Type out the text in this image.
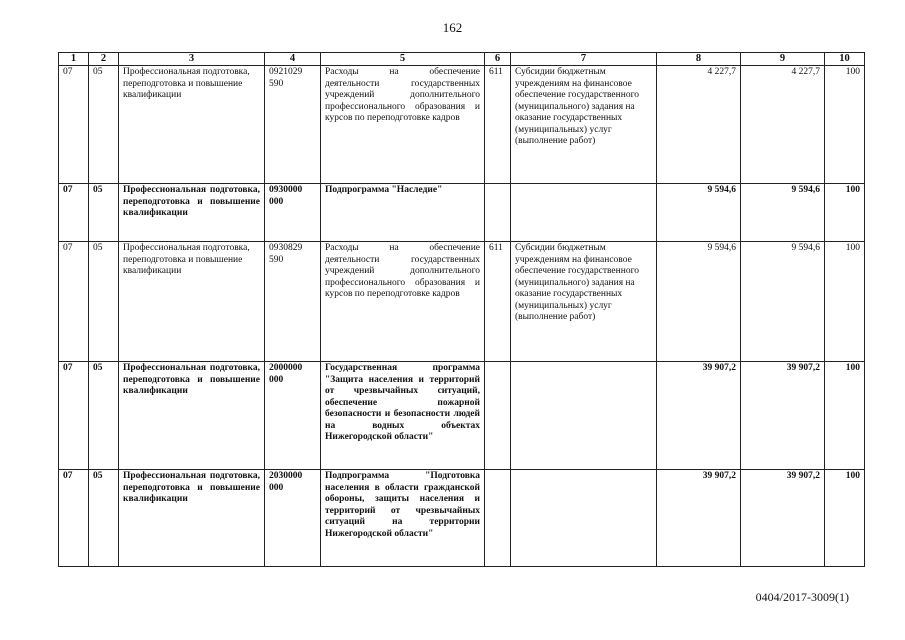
162
1	2	3	4	5	6	7	8	9	10
07	05	Профессиональная подготовка, переподготовка и повышение квалификации	0921029 590	Расходы на обеспечение деятельности государственных учреждений дополнительного профессионального образования и курсов по переподготовке кадров	611	Субсидии бюджетным учреждениям на финансовое обеспечение государственного (муниципального) задания на оказание государственных (муниципальных) услуг (выполнение работ)	4 227,7	4 227,7	100
07	05	Профессиональная подготовка, переподготовка и повышение квалификации	0930000 000	Подпрограмма "Наследие"			9 594,6	9 594,6	100
07	05	Профессиональная подготовка, переподготовка и повышение квалификации	0930829 590	Расходы на обеспечение деятельности государственных учреждений дополнительного профессионального образования и курсов по переподготовке кадров	611	Субсидии бюджетным учреждениям на финансовое обеспечение государственного (муниципального) задания на оказание государственных (муниципальных) услуг (выполнение работ)	9 594,6	9 594,6	100
07	05	Профессиональная подготовка, переподготовка и повышение квалификации	2000000 000	Государственная программа "Защита населения и территорий от чрезвычайных ситуаций, обеспечение пожарной безопасности и безопасности людей на водных объектах Нижегородской области"			39 907,2	39 907,2	100
07	05	Профессиональная подготовка, переподготовка и повышение квалификации	2030000 000	Подпрограмма "Подготовка населения в области гражданской обороны, защиты населения и территорий от чрезвычайных ситуаций на территории Нижегородской области"			39 907,2	39 907,2	100
0404/2017-3009(1)
